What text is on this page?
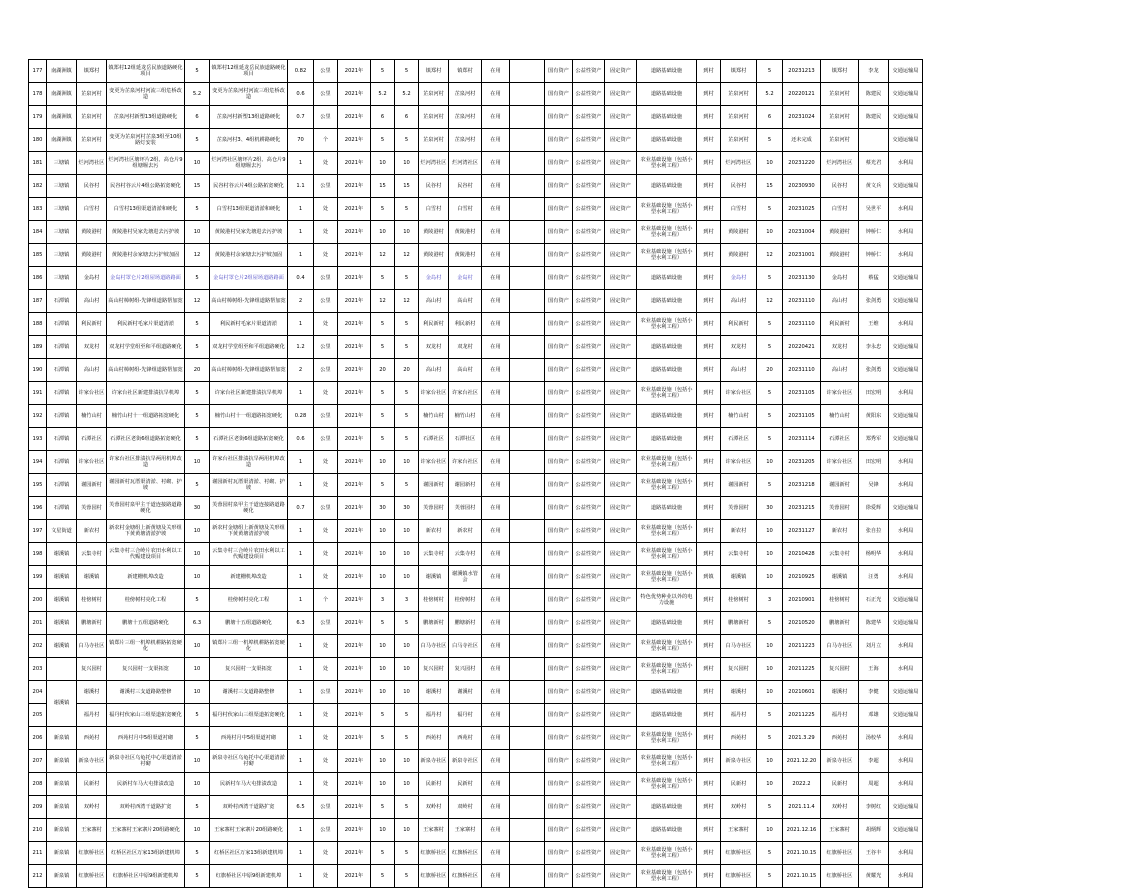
177	南湖洲镇	镇郑村	镇郑村12组延龙岳民族道路硬化项目	5	镇郑村12组延龙岳民族道路硬化项目	0.82	公里	2021年	5	5	镇郑村	镇郑村	在用		国有资产	公益性资产	固定资产	道路基础设施	到村	镇郑村	5	20231213	镇郑村	李龙	交通运输局
178	南湖洲镇	芷泉河村	变更为芷泉河村河流三组危桥改造	5.2	变更为芷泉河村河流三组危桥改造	0.6	公里	2021年	5.2	5.2	芷泉河村	芷泉河村	在用		国有资产	公益性资产	固定资产	道路基础设施	到村	芷泉河村	5.2	20220121	芷泉河村	陈建民	交通运输局
179	南湖洲镇	芷泉河村	芷泉河村新塑13组道路硬化	6	芷泉河村新塑13组道路硬化	0.7	公里	2021年	6	6	芷泉河村	芷泉河村	在用		国有资产	公益性资产	固定资产	道路基础设施	到村	芷泉河村	6	20231024	芷泉河村	陈建民	交通运输局
180	南湖洲镇	芷泉河村	变更为芷泉河村芷泉3组至10组路灯安装	5	芷泉河村3、4组机耕路硬化	70	个	2021年	5	5	芷泉河村	芷泉河村	在用		国有资产	公益性资产	固定资产	道路基础设施	到村	芷泉河村	5	还未完成	芷泉河村		交通运输局
181	三塘镇	烂河湾社区	烂河湾社区塘坪片2组、高仓片9组塘堰去污	10	烂河湾社区塘坪片2组、高仓片9组塘堰去污	1	处	2021年	10	10	烂河湾社区	烂河湾社区	在用		国有资产	公益性资产	固定资产	农业基础设施（包括小型水利工程）	到村	烂河湾社区	10	20231220	烂河湾社区	蔡光君	水利局
182	三塘镇	民谷村	民谷村谷云片4组公路拓宽硬化	15	民谷村谷云片4组公路拓宽硬化	1.1	公里	2021年	15	15	民谷村	民谷村	在用		国有资产	公益性资产	固定资产	道路基础设施	到村	民谷村	15	20230930	民谷村	黄文兵	交通运输局
183	三塘镇	白雪村	白雪村13组渠道清淤和硬化	5	白雪村13组渠道清淤和硬化	1	处	2021年	5	5	白雪村	白雪村	在用		国有资产	公益性资产	固定资产	农业基础设施（包括小型水利工程）	到村	白雪村	5	20231025	白雪村	吴世平	水利局
184	三塘镇	黄陵港村	黄陵港村吴家先塘进去污护坡	10	黄陵港村吴家先塘进去污护坡	1	处	2021年	10	10	黄陵港村	黄陵港村	在用		国有资产	公益性资产	固定资产	农业基础设施（包括小型水利工程）	到村	黄陵港村	10	20231004	黄陵港村	钟桥仁	水利局
185	三塘镇	黄陵港村	黄陵港村余家塘去污护坡加固	12	黄陵港村余家塘去污护坡加固	1	处	2021年	12	12	黄陵港村	黄陵港村	在用		国有资产	公益性资产	固定资产	农业基础设施（包括小型水利工程）	到村	黄陵港村	12	20231001	黄陵港村	钟桥仁	水利局
186	三塘镇	金岛村	金岛村罩仑片2组屋场道路路面	5	金岛村罩仑片2组屋场道路路面	0.4	公里	2021年	5	5	金岛村	金岛村	在用		国有资产	公益性资产	固定资产	道路基础设施	到村	金岛村	5	20231130	金岛村	蔡猛	交通运输局
187	石潭镇	高山村	高山村樟树组-先锋组道路帮加宽	12	高山村樟树组-先锋组道路帮加宽	2	公里	2021年	12	12	高山村	高山村	在用		国有资产	公益性资产	固定资产	道路基础设施	到村	高山村	12	20231110	高山村	张剑勇	交通运输局
188	石潭镇	利民新村	利民新村毛家片渠道清淤	5	利民新村毛家片渠道清淤	1	处	2021年	5	5	利民新村	利民新村	在用		国有资产	公益性资产	固定资产	农业基础设施（包括小型水利工程）	到村	利民新村	5	20231110	利民新村	王维	水利局
189	石潭镇	双龙村	双龙村学堂组至和平组道路硬化	5	双龙村学堂组至和平组道路硬化	1.2	公里	2021年	5	5	双龙村	双龙村	在用		国有资产	公益性资产	固定资产	道路基础设施	到村	双龙村	5	20220421	双龙村	李永忠	交通运输局
190	石潭镇	高山村	高山村樟树组-先锋组道路帮加宽	20	高山村樟树组-先锋组道路帮加宽	2	公里	2021年	20	20	高山村	高山村	在用		国有资产	公益性资产	固定资产	道路基础设施	到村	高山村	20	20231110	高山村	张剑勇	交通运输局
191	石潭镇	许家台社区	许家台社区新建排渍抗旱机埠	5	许家台社区新建排渍抗旱机埠	1	处	2021年	5	5	许家台社区	许家台社区	在用		国有资产	公益性资产	固定资产	农业基础设施（包括小型水利工程）	到村	许家台社区	5	20231105	许家台社区	田宏明	水利局
192	石潭镇	楠竹山村	楠竹山村十一组道路拓宽硬化	5	楠竹山村十一组道路拓宽硬化	0.28	公里	2021年	5	5	楠竹山村	楠竹山村	在用		国有资产	公益性资产	固定资产	道路基础设施	到村	楠竹山村	5	20231105	楠竹山村	黄阳东	交通运输局
193	石潭镇	石潭社区	石潭社区老街6组道路拓宽硬化	5	石潭社区老街6组道路拓宽硬化	0.6	公里	2021年	5	5	石潭社区	石潭社区	在用		国有资产	公益性资产	固定资产	道路基础设施	到村	石潭社区	5	20231114	石潭社区	郑秀军	交通运输局
194	石潭镇	许家台社区	许家台社区排渍抗旱两用机埠改造	10	许家台社区排渍抗旱两用机埠改造	1	处	2021年	10	10	许家台社区	许家台社区	在用		国有资产	公益性资产	固定资产	农业基础设施（包括小型水利工程）	到村	许家台社区	10	20231205	许家台社区	田宏明	水利局
195	石潭镇	谢园新村	谢园新村瓦厝渠清淤、衬砌、护坡	5	谢园新村瓦厝渠清淤、衬砌、护坡	1	处	2021年	5	5	谢园新村	谢园新村	在用		国有资产	公益性资产	固定资产	农业基础设施（包括小型水利工程）	到村	谢园新村	5	20231218	谢园新村	吴锋	水利局
196	石潭镇	芙蓉园村	芙蓉园村泉甲主干道连接路道路硬化	30	芙蓉园村泉甲主干道连接路道路硬化	0.7	公里	2021年	30	30	芙蓉园村	芙蓉园村	在用		国有资产	公益性资产	固定资产	道路基础设施	到村	芙蓉园村	30	20231215	芙蓉园村	徐爱辉	交通运输局
197	文星街道	新农村	新农村金塘组上新黄塘及关形组下黄黄塘清淤护坡	10	新农村金塘组上新黄塘及关形组下黄黄塘清淤护坡	1	处	2021年	10	10	新农村	新农村	在用		国有资产	公益性资产	固定资产	农业基础设施（包括小型水利工程）	到村	新农村	10	20231127	新农村	张自拉	水利局
198	谢溪镇	云集寺村	云集寺村三合岭片农田水利以工代赈建设项目	10	云集寺村三合岭片农田水利以工代赈建设项目	1	处	2021年	10	10	云集寺村	云集寺村	在用		国有资产	公益性资产	固定资产	农业基础设施（包括小型水利工程）	到村	云集寺村	10	20210428	云集寺村	杨明华	水利局
199	谢溪镇	谢溪镇	新建栅机埠改造	10	新建栅机埠改造	1	处	2021年	10	10	谢溪镇	谢溪镇水管会	在用		国有资产	公益性资产	固定资产	农业基础设施（包括小型水利工程）	到镇	谢溪镇	10	20210925	谢溪镇	汪勇	水利局
200	谢溪镇	桂傍树村	桂傍树村亮化工程	5	桂傍树村亮化工程	1	个	2021年	3	3	桂傍树村	桂傍树村	在用		国有资产	公益性资产	固定资产	特色优势种业以外的电力设施	到村	桂傍树村	3	20210901	桂傍树村	石正光	交通运输局
201	谢溪镇	鹏塘新村	鹏塘十五组道路硬化	6.3	鹏塘十五组道路硬化	6.3	公里	2021年	5	5	鹏塘新村	鹏塘新村	在用		国有资产	公益性资产	固定资产	道路基础设施	到村	鹏塘新村	5	20210520	鹏塘新村	陈建华	交通运输局
202	谢溪镇	白马寺社区	镇郑片三组一机埠机耕路拓宽硬化	10	镇郑片三组一机埠机耕路拓宽硬化	1	处	2021年	10	10	白马寺社区	白马寺社区	在用		国有资产	公益性资产	固定资产	农业基础设施（包括小型水利工程）	到村	白马寺社区	10	20211223	白马寺社区	刘月立	水利局
203		复兴园村	复兴园村一支渠拓宽	10	复兴园村一支渠拓宽	1	处	2021年	10	10	复兴园村	复兴园村	在用		国有资产	公益性资产	固定资产	农业基础设施（包括小型水利工程）	到村	复兴园村	10	20211225	复兴园村	王海	水利局
204	谢溪镇	谢溪村	谢溪村三支道路路整修	10	谢溪村三支道路路整修	1	公里	2021年	10	10	谢溪村	谢溪村	在用		国有资产	公益性资产	固定资产	道路基础设施	到村	谢溪村	10	20210601	谢溪村	李健	交通运输局
205		福丹村	福丹村伙家山三组渠道拓宽硬化	5	福丹村伙家山三组渠道拓宽硬化	1	处	2021年	5	5	福丹村	福丹村	在用		国有资产	公益性资产	固定资产	道路基础设施	到村	福丹村	5	20211225	福丹村	邓雄	交通运输局
206	新泉镇	西苑村	西苑村月中5组渠道衬砌	5	西苑村月中5组渠道衬砌	1	处	2021年	5	5	西苑村	西苑村	在用		国有资产	公益性资产	固定资产	农业基础设施（包括小型水利工程）	到村	西苑村	5	2021.3.29	西苑村	汤校华	水利局
207	新泉镇	新泉寺社区	新泉寺社区乌龟托中心渠道清淤衬砌	10	新泉寺社区乌龟托中心渠道清淤衬砌	1	处	2021年	10	10	新泉寺社区	新泉寺社区	在用		国有资产	公益性资产	固定资产	农业基础设施（包括小型水利工程）	到村	新泉寺社区	10	2021.12.20	新泉寺社区	李超	水利局
208	新泉镇	民新村	民新村车马大屯排渍改造	10	民新村车马大屯排渍改造	1	处	2021年	10	10	民新村	民新村	在用		国有资产	公益性资产	固定资产	农业基础设施（包括小型水利工程）	到村	民新村	10	2022.2	民新村	周超	水利局
209	新泉镇	双岭村	双岭村西湾干道路扩宽	5	双岭村西湾干道路扩宽	6.5	公里	2021年	5	5	双岭村	双岭村	在用		国有资产	公益性资产	固定资产	道路基础设施	到村	双岭村	5	2021.11.4	双岭村	李树红	交通运输局
210	新泉镇	王家寨村	王家寨村王家寨片20组路硬化	10	王家寨村王家寨片20组路硬化	1	公里	2021年	10	10	王家寨村	王家寨村	在用		国有资产	公益性资产	固定资产	道路基础设施	到村	王家寨村	10	2021.12.16	王家寨村	胡炳辉	交通运输局
211	新泉镇	红旗桥社区	红桥区社区万家13组新建机埠	5	红桥区社区万家13组新建机埠	1	处	2021年	5	5	红旗桥社区	红旗桥社区	在用		国有资产	公益性资产	固定资产	农业基础设施（包括小型水利工程）	到村	红旗桥社区	5	2021.10.15	红旗桥社区	王谷丰	水利局
212	新泉镇	红旗桥社区	红旗桥社区中原9组新建机埠	5	红旗桥社区中原9组新建机埠	1	处	2021年	5	5	红旗桥社区	红旗桥社区	在用		国有资产	公益性资产	固定资产	农业基础设施（包括小型水利工程）	到村	红旗桥社区	5	2021.10.15	红旗桥社区	黄耀光	水利局
